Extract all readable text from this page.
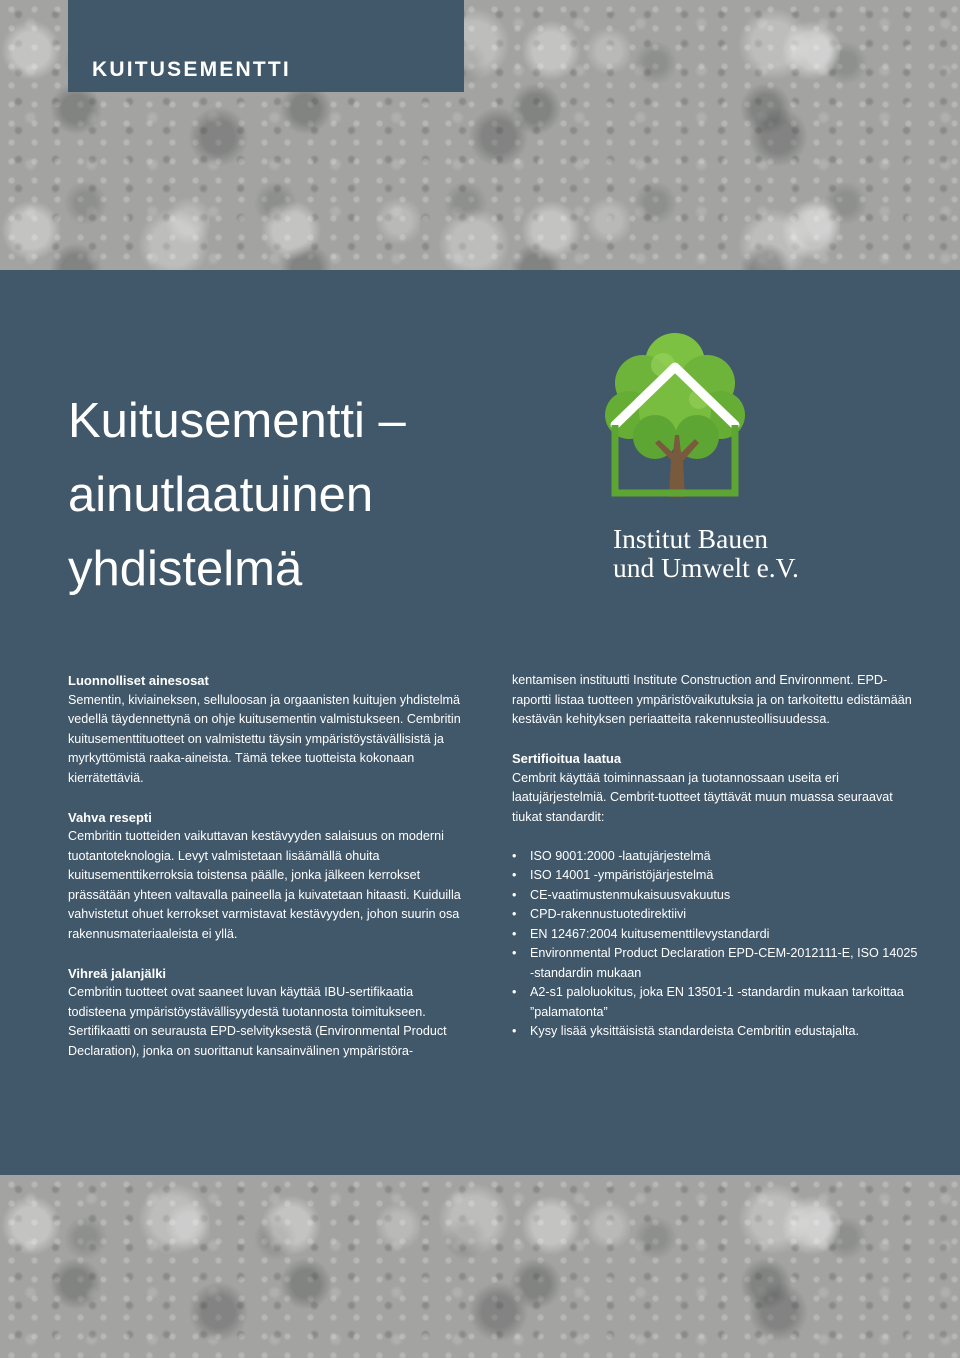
KUITUSEMENTTI
Kuitusementti –
ainutlaatuinen
yhdistelmä
Institut Bauen
und Umwelt e.V.
Luonnolliset ainesosat

Sementin, kiviaineksen, selluloosan ja orgaanisten kuitujen yhdistelmä vedellä täydennettynä on ohje kuitusementin valmistukseen. Cembritin kuitusementtituotteet on valmistettu täysin ympäristöystävällisistä ja myrkyttömistä raaka-aineista. Tämä tekee tuotteista kokonaan kierrätettäviä.

Vahva resepti

Cembritin tuotteiden vaikuttavan kestävyyden salaisuus on moderni tuotantoteknologia. Levyt valmistetaan lisäämällä ohuita kuitusementtikerroksia toistensa päälle, jonka jälkeen kerrokset prässätään yhteen valtavalla paineella ja kuivatetaan hitaasti. Kuiduilla vahvistetut ohuet kerrokset varmistavat kestävyyden, johon suurin osa rakennusmateriaaleista ei yllä.

Vihreä jalanjälki

Cembritin tuotteet ovat saaneet luvan käyttää IBU-sertifikaatia todisteena ympäristöystävällisyydestä tuotannosta toimitukseen. Sertifikaatti on seurausta EPD-selvityksestä (Environmental Product Declaration), jonka on suorittanut kansainvälinen ympäristöra-

kentamisen instituutti Institute Construction and Environment. EPD-raportti listaa tuotteen ympäristövaikutuksia ja on tarkoitettu edistämään kestävän kehityksen periaatteita rakennusteollisuudessa.

Sertifioitua laatua

Cembrit käyttää toiminnassaan ja tuotannossaan useita eri laatujärjestelmiä. Cembrit-tuotteet täyttävät muun muassa seuraavat tiukat standardit:

• ISO 9001:2000 -laatujärjestelmä
• ISO 14001 -ympäristöjärjestelmä
• CE-vaatimustenmukaisuusvakuutus
• CPD-rakennustuotedirektiivi
• EN 12467:2004 kuitusementtilevystandardi
• Environmental Product Declaration EPD-CEM-2012111-E, ISO 14025 -standardin mukaan
• A2-s1 paloluokitus, joka EN 13501-1 -standardin mukaan tarkoittaa ”palamatonta”
• Kysy lisää yksittäisistä standardeista Cembritin edustajalta.
